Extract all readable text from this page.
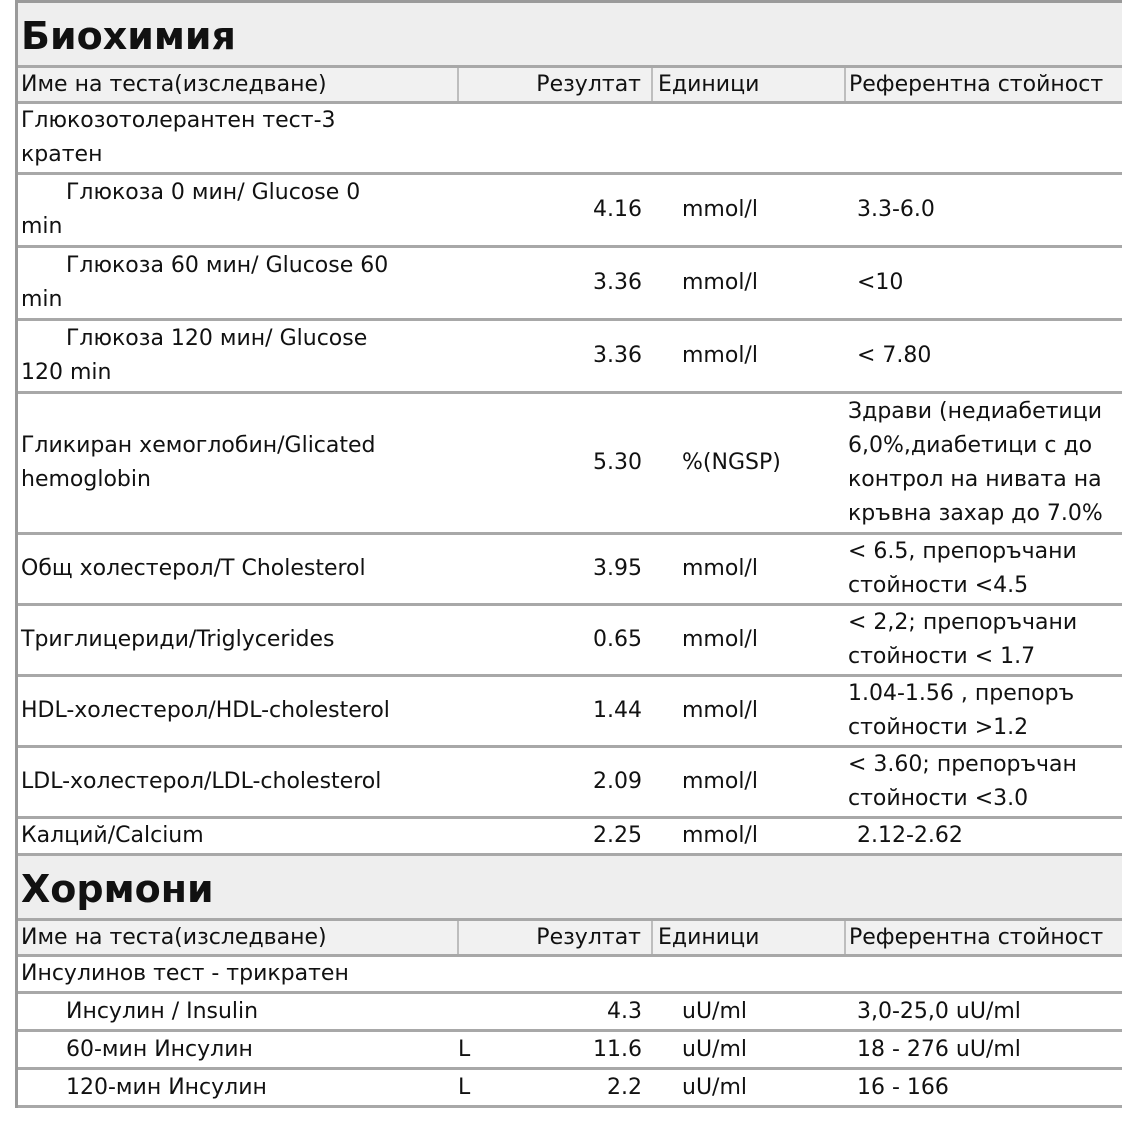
Биохимия				
Име на теста(изследване)	Резултат		Единици	Референтна стойност
Глюкозотолерантен тест-3
кратен				
Глюкоза 0 мин/ Glucose 0
min		4.16	mmol/l	3.3-6.0
Глюкоза 60 мин/ Glucose 60
min		3.36	mmol/l	<10
Глюкоза 120 мин/ Glucose
120 min		3.36	mmol/l	< 7.80
Гликиран хемоглобин/Glicated
hemoglobin		5.30	%(NGSP)	Здрави (недиабетици
6,0%,диабетици с до
контрол на нивата на
кръвна захар до 7.0%
Общ холестерол/T Cholesterol		3.95	mmol/l	< 6.5, препоръчани
стойности <4.5
Триглицериди/Triglycerides		0.65	mmol/l	< 2,2; препоръчани
стойности < 1.7
HDL-холестерол/HDL-cholesterol		1.44	mmol/l	1.04-1.56 , препоръ
стойности >1.2
LDL-холестерол/LDL-cholesterol		2.09	mmol/l	< 3.60; препоръчан
стойности <3.0
Калций/Calcium		2.25	mmol/l	2.12-2.62
Хормони				
Име на теста(изследване)	Резултат		Единици	Референтна стойност
Инсулинов тест - трикратен				
Инсулин / Insulin		4.3	uU/ml	3,0-25,0 uU/ml
60-мин Инсулин	L	11.6	uU/ml	18 - 276 uU/ml
120-мин Инсулин	L	2.2	uU/ml	16 - 166
